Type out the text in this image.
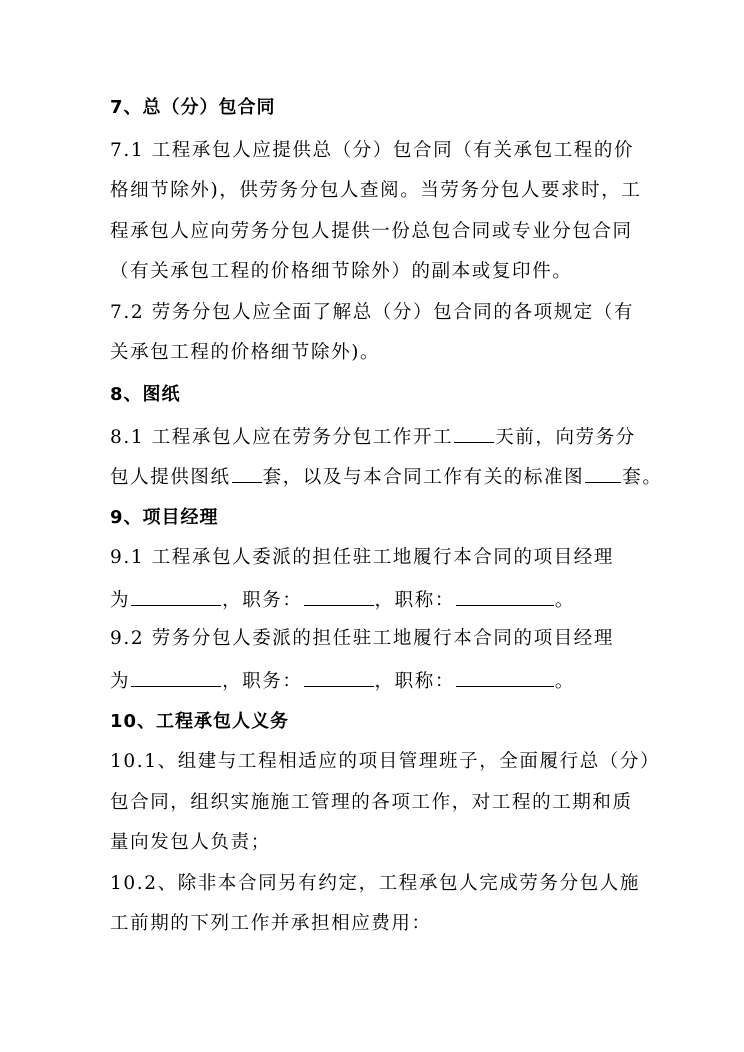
7、总（分）包合同
7.1 工程承包人应提供总（分）包合同（有关承包工程的价
格细节除外)，供劳务分包人查阅。当劳务分包人要求时，工
程承包人应向劳务分包人提供一份总包合同或专业分包合同
（有关承包工程的价格细节除外）的副本或复印件。
7.2 劳务分包人应全面了解总（分）包合同的各项规定（有
关承包工程的价格细节除外)。
8、图纸
8.1 工程承包人应在劳务分包工作开工 天前，向劳务分
包人提供图纸 套，以及与本合同工作有关的标准图 套。
9、项目经理
9.1 工程承包人委派的担任驻工地履行本合同的项目经理
为	，职务：	，职称：	。
9.2 劳务分包人委派的担任驻工地履行本合同的项目经理
为	，职务：	，职称：	。
10、工程承包人义务
10.1、组建与工程相适应的项目管理班子，全面履行总（分）
包合同，组织实施施工管理的各项工作，对工程的工期和质
量向发包人负责；
10.2、除非本合同另有约定，工程承包人完成劳务分包人施
工前期的下列工作并承担相应费用：
